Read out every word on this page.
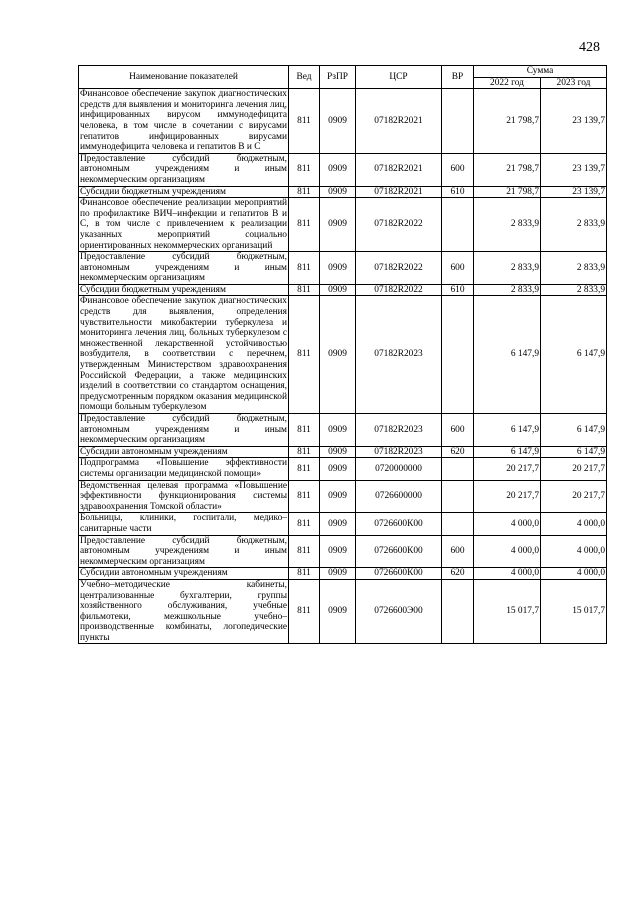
428
Наименование показателей	Вед	РзПР	ЦСР	ВР	Сумма	
					2022 год	2023 год
Финансовое обеспечение закупок диагностических средств для выявления и мониторинга лечения лиц, инфицированных вирусом иммунодефицита человека, в том числе в сочетании с вирусами гепатитов инфицированных вирусами иммунодефицита человека и гепатитов В и С	811	0909	07182R2021		21 798,7	23 139,7
Предоставление субсидий бюджетным, автономным учреждениям и иным некоммерческим организациям	811	0909	07182R2021	600	21 798,7	23 139,7
Субсидии бюджетным учреждениям	811	0909	07182R2021	610	21 798,7	23 139,7
Финансовое обеспечение реализации мероприятий по профилактике ВИЧ–инфекции и гепатитов В и С, в том числе с привлечением к реализации указанных мероприятий социально ориентированных некоммерческих организаций	811	0909	07182R2022		2 833,9	2 833,9
Предоставление субсидий бюджетным, автономным учреждениям и иным некоммерческим организациям	811	0909	07182R2022	600	2 833,9	2 833,9
Субсидии бюджетным учреждениям	811	0909	07182R2022	610	2 833,9	2 833,9
Финансовое обеспечение закупок диагностических средств для выявления, определения чувствительности микобактерии туберкулеза и мониторинга лечения лиц, больных туберкулезом с множественной лекарственной устойчивостью возбудителя, в соответствии с перечнем, утвержденным Министерством здравоохранения Российской Федерации, а также медицинских изделий в соответствии со стандартом оснащения, предусмотренным порядком оказания медицинской помощи больным туберкулезом	811	0909	07182R2023		6 147,9	6 147,9
Предоставление субсидий бюджетным, автономным учреждениям и иным некоммерческим организациям	811	0909	07182R2023	600	6 147,9	6 147,9
Субсидии автономным учреждениям	811	0909	07182R2023	620	6 147,9	6 147,9
Подпрограмма «Повышение эффективности системы организации медицинской помощи»	811	0909	0720000000		20 217,7	20 217,7
Ведомственная целевая программа «Повышение эффективности функционирования системы здравоохранения Томской области»	811	0909	0726600000		20 217,7	20 217,7
Больницы, клиники, госпитали, медико–санитарные части	811	0909	0726600К00		4 000,0	4 000,0
Предоставление субсидий бюджетным, автономным учреждениям и иным некоммерческим организациям	811	0909	0726600К00	600	4 000,0	4 000,0
Субсидии автономным учреждениям	811	0909	0726600К00	620	4 000,0	4 000,0
Учебно–методические кабинеты, централизованные бухгалтерии, группы хозяйственного обслуживания, учебные фильмотеки, межшкольные учебно–производственные комбинаты, логопедические пункты	811	0909	0726600Э00		15 017,7	15 017,7
